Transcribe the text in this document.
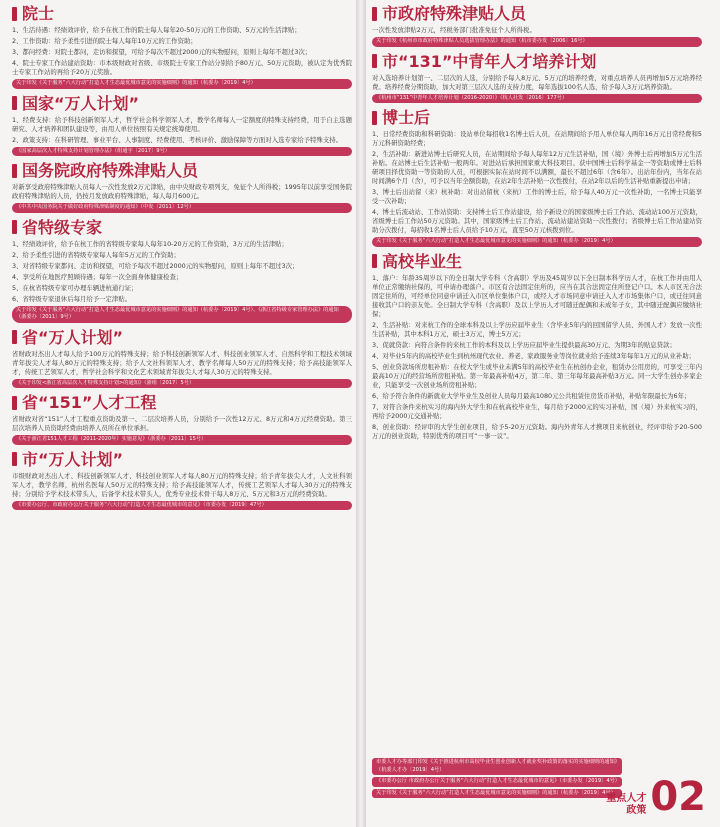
院士

1、生活待遇：经绩效评价，给予在杭工作的院士每人每年20-50万元的工作资助、5万元的生活津贴；

2、工作资助：给予柔性引进的院士每人每年10万元的工作资助；

3、都问经费：对院士都问，走访和探望，可给予每次不超过2000元的实物慰问，原则上每年不超过3次；

4、院士专家工作站建站资助：市本级财政对省级、市级院士专家工作站分别给予80万元、50万元资助，被认定为优秀院士专家工作站的再给予20万元奖励。

关于印发《关于服务“六大行动”打造人才生态最优城市意见的实施细则》的通知（杭委办〔2019〕4号）
国家“万人计划”

1、经费支持：给予科技创新领军人才，哲学社会科学领军人才，教学名师每人一定额度的特殊支持经费，用于自主选题研究、人才培养和团队建设等，由用人单位按照有关规定统筹使用。

2、政策支持：在科研管理、事业平台、人事制度、经费使用、考核评价、激励保障等方面对入选专家给予特殊支持。

《国家高层次人才特殊支持计划管理办法》（组通字〔2017〕9号）
国务院政府特殊津贴人员

对新享受政府特殊津贴人员每人一次性发放2万元津贴，由中央财政专项列支，免征个人所得税；1995年以前享受国务院政府特殊津贴的人员，仍按月发放政府特殊津贴，每人每月600元。

《中共中央国务院关于做好政府特殊津贴制度的通知》（中发〔2011〕12号）
省特级专家

1、经绩效评价，给予在杭工作的省特级专家每人每年10-20万元的工作资助，3万元的生活津贴；

2、给予柔性引进的省特级专家每人每年5万元的工作资助；

3、对省特级专家都问、走访和探望，可给予每次不超过2000元的实物慰问，原则上每年不超过3次；

4、享受所在地医疗照顾待遇；每年一次全面身体健康检查；

5、在杭省特级专家可办理车辆进杭通行证；

6、省特级专家退休后每月给予一定津贴。

关于印发《关于服务“六大行动”打造人才生态最优城市意见的实施细则》的通知（杭委办〔2019〕4号）、《浙江省特级专家管理办法》的通知（浙委办〔2011〕9号）
省“万人计划”

省财政对杰出人才每人给予100万元的特殊支持；给予科技创新领军人才、科技创业领军人才、自然科学和工程技术领域青年拔尖人才每人80万元的特殊支持；给予人文社科领军人才、教学名师每人50万元的特殊支持；给予高技能领军人才，传统工艺领军人才，哲学社会科学和文化艺术领域青年拔尖人才每人30万元的特殊支持。

《关于印发<浙江省高层次人才特殊支持计划>的通知》（浙组〔2017〕5号）
省“151”人才工程

省财政对省“151”人才工程重点资助及第一、二层次培养人员，分别给予一次性12万元、8万元和4万元经费资助。第三层次培养人员资助经费由培养人员所在单位承担。

《关于浙江省151人才工程（2011-2020年）实施意见》（浙委办〔2011〕15号）
市“万人计划”

市级财政对杰出人才、科技创新领军人才、科技创业领军人才每人80万元的特殊支持；给予青年拔尖人才，人文社科领军人才，教学名师，杭州名医每人50万元的特殊支持；给予高技能领军人才，传统工艺领军人才每人30万元的特殊支持；分别给予学术技术带头人，后备学术技术带头人，优秀专业技术骨干每人8万元、5万元和3万元的经费资助。

《市委办公厅、市政府办公厅关于服务“六大行动”打造人才生态最优城市的意见》（市委办发〔2019〕47号）
市政府特殊津贴人员

一次性发放津贴2万元，经税务部门批准免征个人所得税。

关于印发《杭州市市政府特殊津贴人员选拔管理办法》的通知（杭市委办发〔2006〕16号）
市“131”中青年人才培养计划

对入选培养计划第一、二层次的人选，分别给予每人8万元、5万元的培养经费，对重点培养人员再增加5万元培养经费。培养经费分期资助，加大对第三层次人选的支持力度，每年选拔100名人选，给予每人3万元培养资助。

《杭州市“131”中青年人才培养计划（2016-2020）》（杭人社发〔2016〕177号）
博士后

1、日常经费资助和科研资助：设站单位每招收1名博士后人员，在站期间给予用人单位每人两年16万元日常经费和5万元科研资助经费；

2、生活补助：新进站博士后研究人员，在站期间给予每人每年12万元生活补贴，国（境）外博士后再增加5万元生活补贴。在站博士后生活补贴一般两年。对进站后承担国家重大科技项目、获中国博士后科学基金一等资助或博士后科研项目择优资助一等资助的人员，可根据实际在站时间不以满额，最长不超过6年（含6年）。出站年份内，当年在站时间满6个月（含），可予以当年全额资助，在站2年生活补贴一次性拨付，在站2年以后的生活补贴重新提出申请；

3、博士后出站留（来）杭补助：对出站留杭（来杭）工作的博士后，给予每人40万元一次性补助，一名博士只能享受一次补助；

4、博士后流动站、工作站资助：支持博士后工作站建设，给予新设立的国家级博士后工作站、流动站100万元资助，省级博士后工作站50万元资助。其中，国家级博士后工作站、流动站建站资助一次性拨付；省级博士后工作站建站资助分次拨付，每招收1名博士后人员给予10万元，直至50万元核拨到位。

关于印发《关于服务“六大行动”打造人才生态最优城市意见的实施细则》的通知（杭委办〔2019〕4号）
高校毕业生

1、落户：年龄35周岁以下的全日制大学专科（含高职）学历及45周岁以下全日制本科学历人才，在杭工作并由用人单位正常缴纳社保的，可申请办理落户。市区有合法固定住所的，应当在其合法固定住所登记户口。本人市区无合法固定住所的，可经单位同意申请迁入市区单位集体户口，或经人才市场同意申请迁入人才市场集体户口，或迁往同意接收其户口的亲友处。全日制大学专科（含高职）及以上学历人才可随迁配偶和未成年子女，其中随迁配偶应缴纳社保；

2、生活补贴：对来杭工作的全球本科及以上学历应届毕业生（含毕业5年内的回国留学人员、外国人才）发放一次性生活补贴，其中本科1万元，硕士3万元，博士5万元；

3、促就贷款：向符合条件的来杭工作的本科及以上学历应届毕业生提供最高30万元、为期3年的贴息贷款；

4、对毕业5年内的高校毕业生到杭州现代农业、养老、家政服务业等岗位就业给予连续3年每年1万元的从业补助；

5、创业贷款场所房租补贴：在校大学生或毕业未满5年的高校毕业生在杭创办企业，租赁办公用房的，可享受三年内最高10万元的经营场所房租补贴。第一年最高补贴4万，第二年、第三年每年最高补贴3万元。同一大学生创办多家企业，只能享受一次创业场所房租补贴；

6、给予符合条件的新就业大学毕业生及创业人员每月最高1080元公共租赁住房货币补贴，补贴年限最长为6年；

7、对符合条件来杭实习的海内外大学生和在杭高校毕业生，每月给予2000元的实习补贴，国（境）外来杭实习的，再给予2000元交通补贴；

8、创业资助：经评审的大学生创业项目，给予5-20万元资助。海内外青年人才携项目来杭创业，经评审给予20-500万元的创业资助，特别优秀的项目可“一事一议”。

市委人才办等部门印发《关于推进杭州市高校毕业生创业创新人才就业奖补政策的落实的实施细则的通知》（杭委人才办〔2019〕4号）
《市委办公厅 市政府办公厅关于服务“六大行动”打造人才生态最优城市的意见》（市委办发〔2019〕4号）
关于印发《关于服务“六大行动”打造人才生态最优城市意见的实施细则》的通知（杭委办〔2019〕4号）
重点人才
政策 02
